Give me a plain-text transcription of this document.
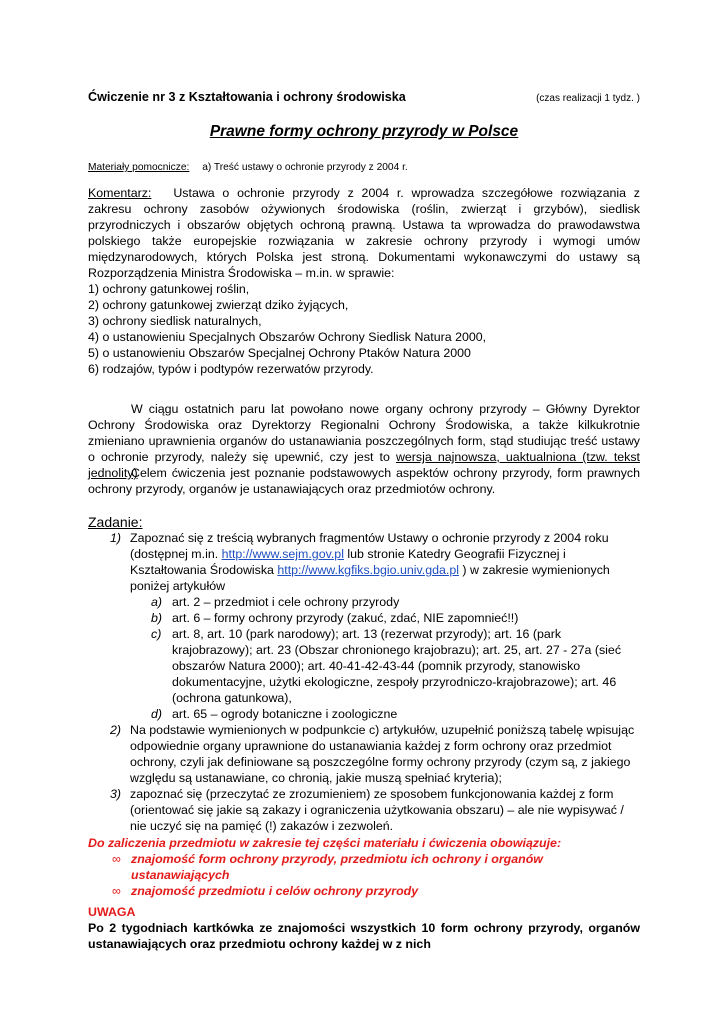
Ćwiczenie nr 3 z Kształtowania i ochrony środowiska	(czas realizacji 1 tydz. )
Prawne formy ochrony przyrody w Polsce
Materiały pomocnicze: a) Treść ustawy o ochronie przyrody z 2004 r.
Komentarz: Ustawa o ochronie przyrody z 2004 r. wprowadza szczegółowe rozwiązania z zakresu ochrony zasobów ożywionych środowiska (roślin, zwierząt i grzybów), siedlisk przyrodniczych i obszarów objętych ochroną prawną. Ustawa ta wprowadza do prawodawstwa polskiego także europejskie rozwiązania w zakresie ochrony przyrody i wymogi umów międzynarodowych, których Polska jest stroną. Dokumentami wykonawczymi do ustawy są Rozporządzenia Ministra Środowiska – m.in. w sprawie:
1) ochrony gatunkowej roślin,
2) ochrony gatunkowej zwierząt dziko żyjących,
3) ochrony siedlisk naturalnych,
4) o ustanowieniu Specjalnych Obszarów Ochrony Siedlisk Natura 2000,
5) o ustanowieniu Obszarów Specjalnej Ochrony Ptaków Natura 2000
6) rodzajów, typów i podtypów rezerwatów przyrody.
W ciągu ostatnich paru lat powołano nowe organy ochrony przyrody – Główny Dyrektor Ochrony Środowiska oraz Dyrektorzy Regionalni Ochrony Środowiska, a także kilkukrotnie zmieniano uprawnienia organów do ustanawiania poszczególnych form, stąd studiując treść ustawy o ochronie przyrody, należy się upewnić, czy jest to wersja najnowsza, uaktualniona (tzw. tekst jednolity)
Celem ćwiczenia jest poznanie podstawowych aspektów ochrony przyrody, form prawnych ochrony przyrody, organów je ustanawiających oraz przedmiotów ochrony.
Zadanie:
1) Zapoznać się z treścią wybranych fragmentów Ustawy o ochronie przyrody z 2004 roku (dostępnej m.in. http://www.sejm.gov.pl lub stronie Katedry Geografii Fizycznej i Kształtowania Środowiska http://www.kgfiks.bgio.univ.gda.pl ) w zakresie wymienionych poniżej artykułów
a) art. 2 – przedmiot i cele ochrony przyrody
b) art. 6 – formy ochrony przyrody (zakuć, zdać, NIE zapomnieć!!)
c) art. 8, art. 10 (park narodowy); art. 13 (rezerwat przyrody); art. 16 (park krajobrazowy); art. 23 (Obszar chronionego krajobrazu); art. 25, art. 27 - 27a (sieć obszarów Natura 2000); art. 40-41-42-43-44 (pomnik przyrody, stanowisko dokumentacyjne, użytki ekologiczne, zespoły przyrodniczo-krajobrazowe); art. 46 (ochrona gatunkowa),
d) art. 65 – ogrody botaniczne i zoologiczne
2) Na podstawie wymienionych w podpunkcie c) artykułów, uzupełnić poniższą tabelę wpisując odpowiednie organy uprawnione do ustanawiania każdej z form ochrony oraz przedmiot ochrony, czyli jak definiowane są poszczególne formy ochrony przyrody (czym są, z jakiego względu są ustanawiane, co chronią, jakie muszą spełniać kryteria);
3) zapoznać się (przeczytać ze zrozumieniem) ze sposobem funkcjonowania każdej z form (orientować się jakie są zakazy i ograniczenia użytkowania obszaru) – ale nie wypisywać / nie uczyć się na pamięć (!) zakazów i zezwoleń.
Do zaliczenia przedmiotu w zakresie tej części materiału i ćwiczenia obowiązuje:
∞ znajomość form ochrony przyrody, przedmiotu ich ochrony i organów ustanawiających
∞ znajomość przedmiotu i celów ochrony przyrody
UWAGA
Po 2 tygodniach kartkówka ze znajomości wszystkich 10 form ochrony przyrody, organów ustanawiających oraz przedmiotu ochrony każdej w z nich
